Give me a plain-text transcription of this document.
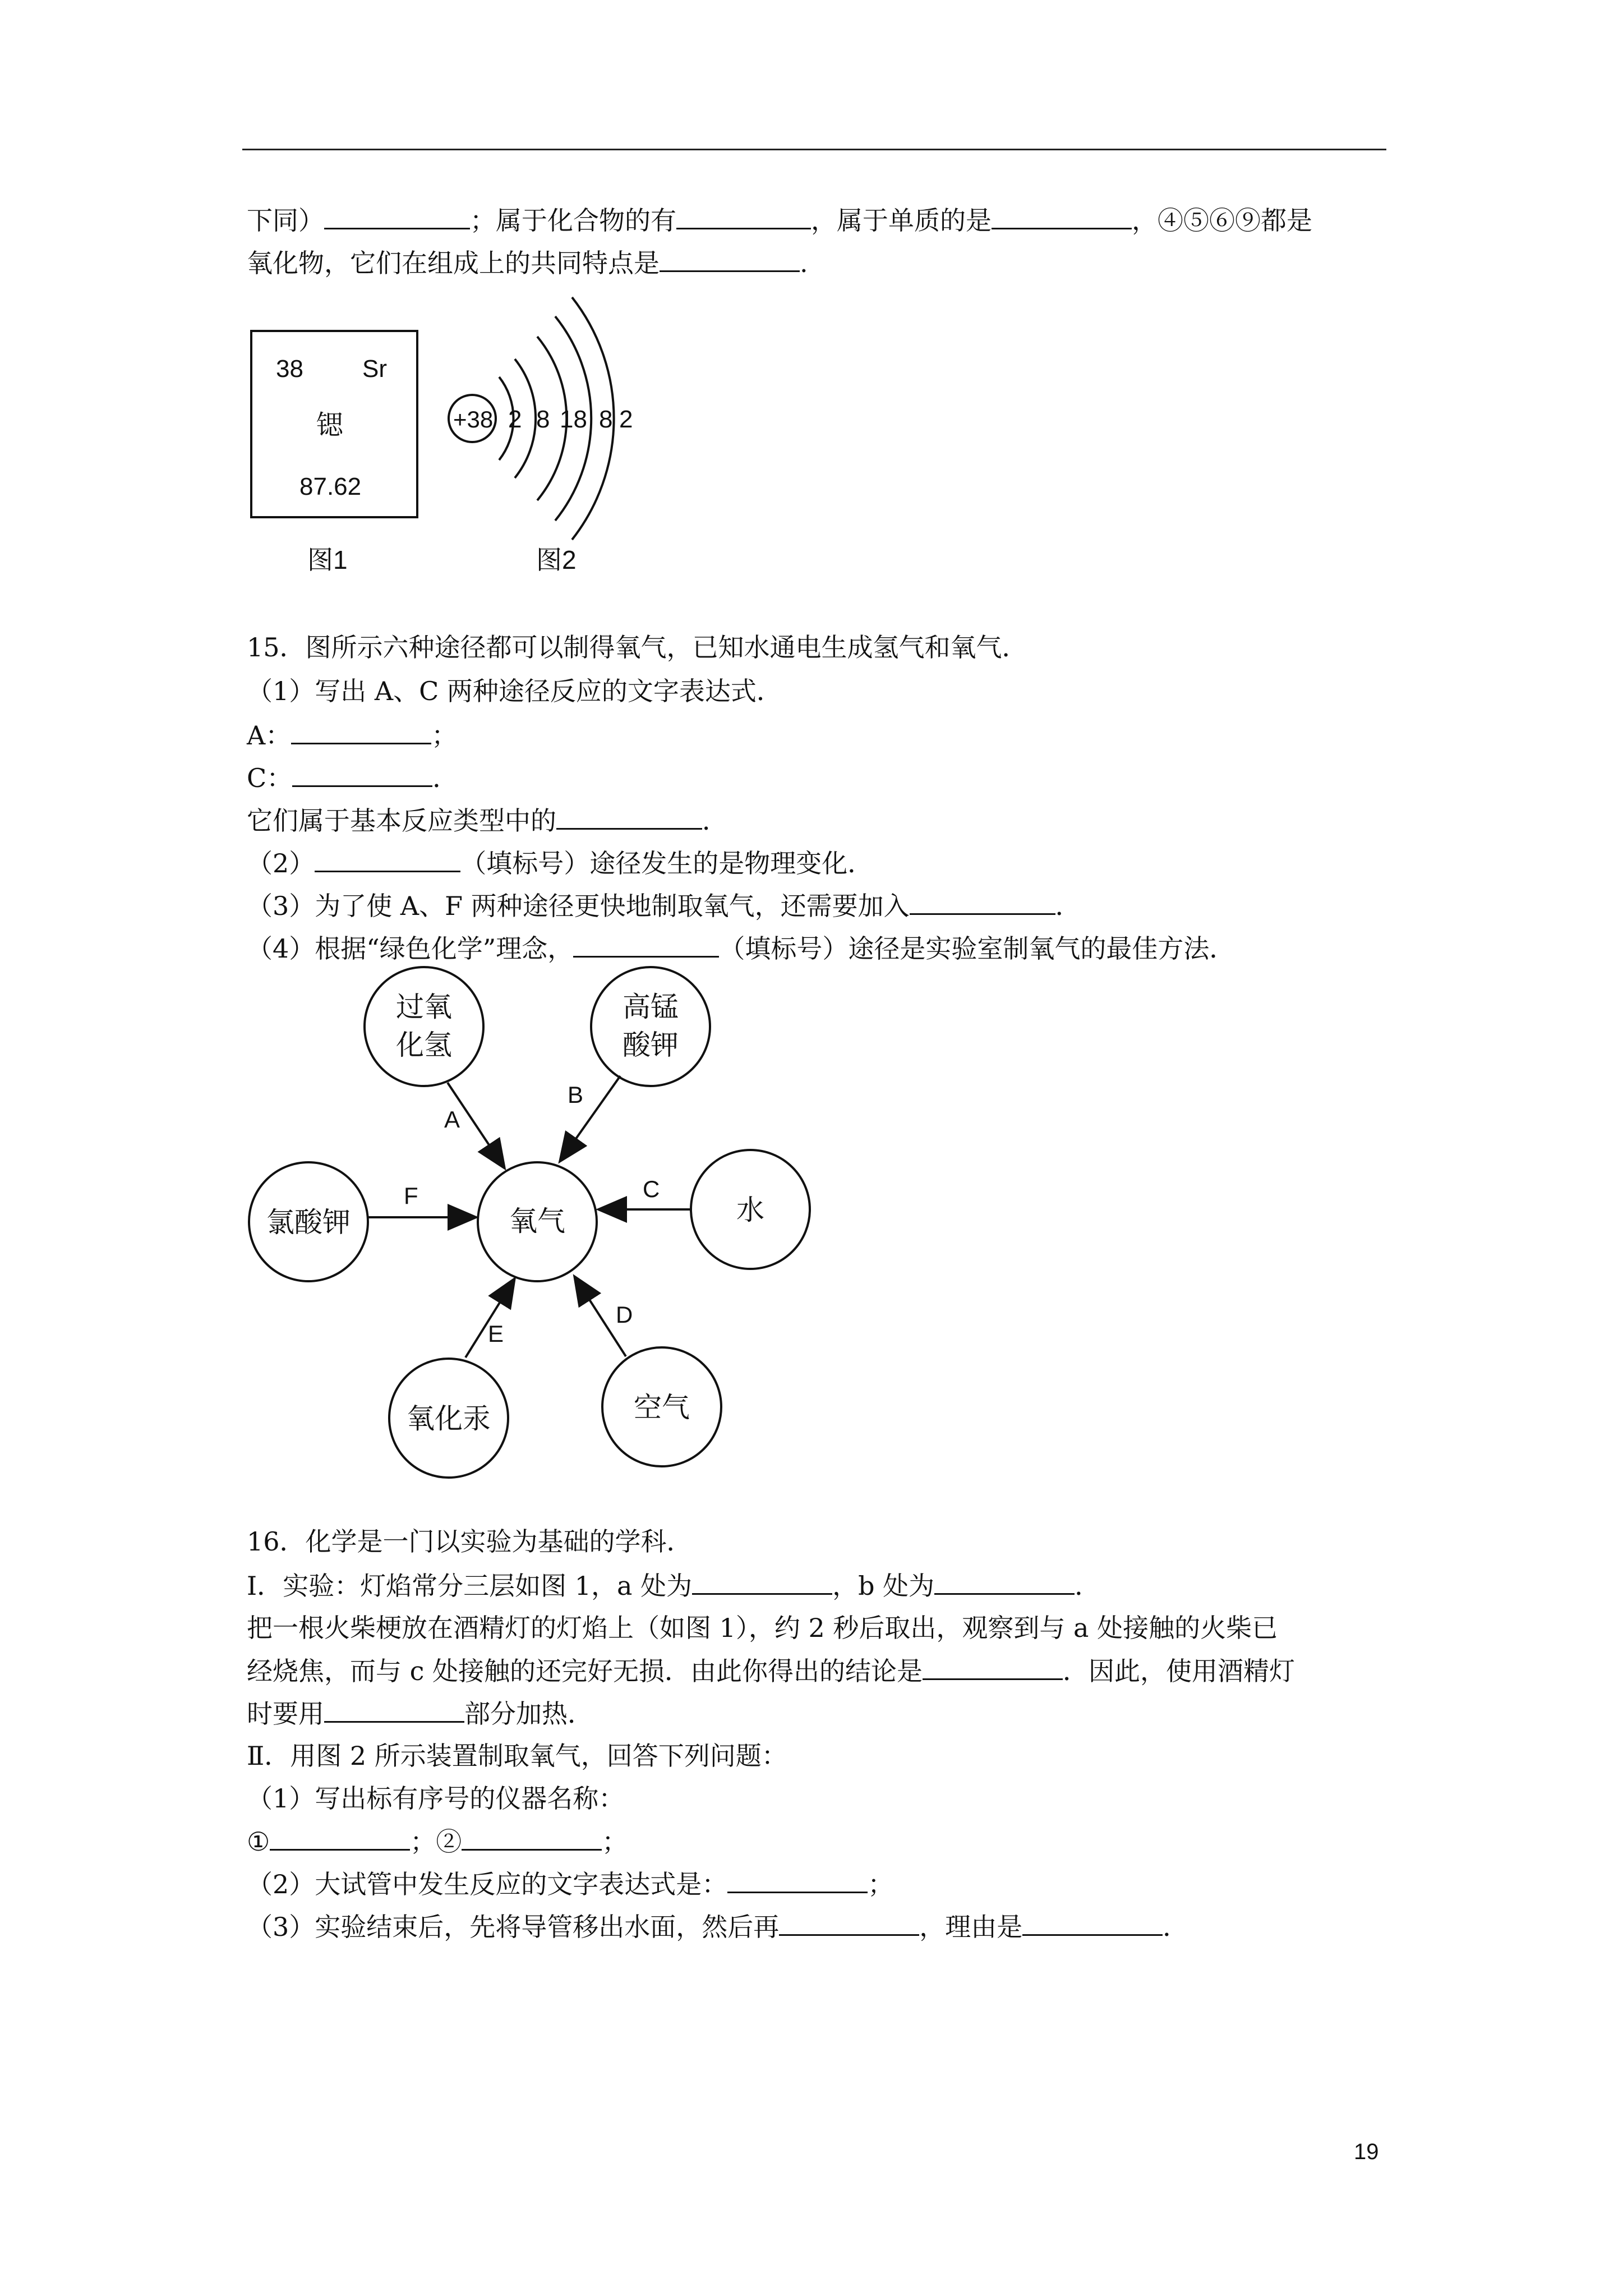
下同）	；属于化合物的有	，属于单质的是	，④⑤⑥⑨都是
氧化物，它们在组成上的共同特点是	.
38 Sr
锶
87.62
图1
+38 2 8 18 8 2
图2
氧气
过氧
化氢
高锰
酸钾
水
空气
氧化汞
氯酸钾
A
B
C
D
E
F
15．图所示六种途径都可以制得氧气，已知水通电生成氢气和氧气．
（1）写出 A、C 两种途径反应的文字表达式．
A：	；
C：	．
它们属于基本反应类型中的	．
（2）	（填标号）途径发生的是物理变化．
（3）为了使 A、F 两种途径更快地制取氧气，还需要加入	．
（4）根据“绿色化学”理念，	（填标号）途径是实验室制氧气的最佳方法．
16．化学是一门以实验为基础的学科．
Ⅰ．实验：灯焰常分三层如图 1，a 处为	，b 处为	．
把一根火柴梗放在酒精灯的灯焰上（如图 1），约 2 秒后取出，观察到与 a 处接触的火柴已
经烧焦，而与 c 处接触的还完好无损．由此你得出的结论是	．因此，使用酒精灯
时要用	部分加热．
Ⅱ．用图 2 所示装置制取氧气，回答下列问题：
（1）写出标有序号的仪器名称：
①	；②	；
（2）大试管中发生反应的文字表达式是：	；
（3）实验结束后，先将导管移出水面，然后再	，理由是	．
19
